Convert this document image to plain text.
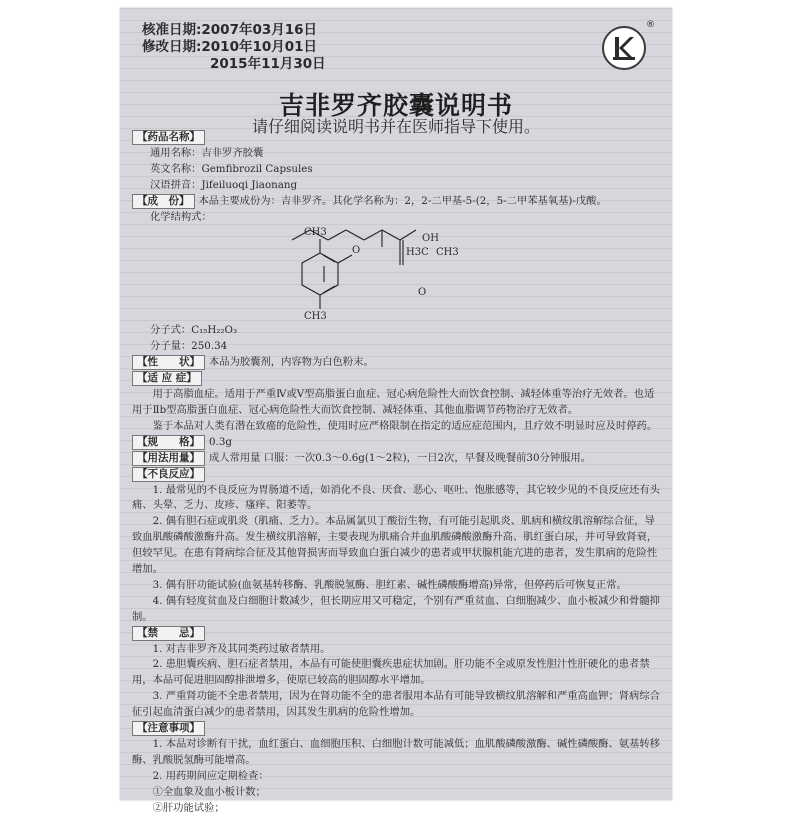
核准日期:2007年03月16日
修改日期:2010年10月01日
2015年11月30日
®
吉非罗齐胶囊说明书
请仔细阅读说明书并在医师指导下使用。

【药品名称】

通用名称：吉非罗齐胶囊

英文名称：Gemfibrozil Capsules

汉语拼音：Jifeiluoqi Jiaonang

【成　份】 本品主要成份为：吉非罗齐。其化学名称为：2，2-二甲基-5-(2，5-二甲苯基氧基)-戊酸。

化学结构式：

CH3
CH3
O	H3C CH3
O
OH

分子式：C₁₅H₂₂O₃

分子量：250.34

【性　　状】 本品为胶囊剂，内容物为白色粉末。

【适 应 症】

用于高脂血症。适用于严重Ⅳ或Ⅴ型高脂蛋白血症、冠心病危险性大而饮食控制、减轻体重等治疗无效者。也适用于Ⅱb型高脂蛋白血症、冠心病危险性大而饮食控制、减轻体重、其他血脂调节药物治疗无效者。

鉴于本品对人类有潜在致癌的危险性，使用时应严格限制在指定的适应症范围内，且疗效不明显时应及时停药。

【规　　格】 0.3g

【用法用量】 成人常用量 口服：一次0.3～0.6g(1～2粒)，一日2次，早餐及晚餐前30分钟服用。

【不良反应】

1. 最常见的不良反应为胃肠道不适，如消化不良、厌食、恶心、呕吐、饱胀感等，其它较少见的不良反应还有头痛、头晕、乏力、皮疹、瘙痒、阳萎等。

2. 偶有胆石症或肌炎（肌痛、乏力）。本品属氯贝丁酸衍生物，有可能引起肌炎、肌病和横纹肌溶解综合征，导致血肌酸磷酸激酶升高。发生横纹肌溶解，主要表现为肌痛合并血肌酸磷酸激酶升高、肌红蛋白尿，并可导致肾衰，但较罕见。在患有肾病综合征及其他肾损害而导致血白蛋白减少的患者或甲状腺机能亢进的患者，发生肌病的危险性增加。

3. 偶有肝功能试验(血氨基转移酶、乳酸脱氢酶、胆红素、碱性磷酸酶增高)异常，但停药后可恢复正常。

4. 偶有轻度贫血及白细胞计数减少，但长期应用又可稳定，个别有严重贫血、白细胞减少、血小板减少和骨髓抑制。

【禁　　忌】

1. 对吉非罗齐及其同类药过敏者禁用。

2. 患胆囊疾病、胆石症者禁用，本品有可能使胆囊疾患症状加剧。肝功能不全或原发性胆汁性肝硬化的患者禁用，本品可促进胆固醇排泄增多，使原已较高的胆固醇水平增加。

3. 严重肾功能不全患者禁用，因为在肾功能不全的患者服用本品有可能导致横纹肌溶解和严重高血钾；肾病综合征引起血清蛋白减少的患者禁用，因其发生肌病的危险性增加。

【注意事项】

1. 本品对诊断有干扰，血红蛋白、血细胞压积、白细胞计数可能减低；血肌酸磷酸激酶、碱性磷酸酶、氨基转移酶、乳酸脱氢酶可能增高。

2. 用药期间应定期检查：

①全血象及血小板计数；

②肝功能试验；
